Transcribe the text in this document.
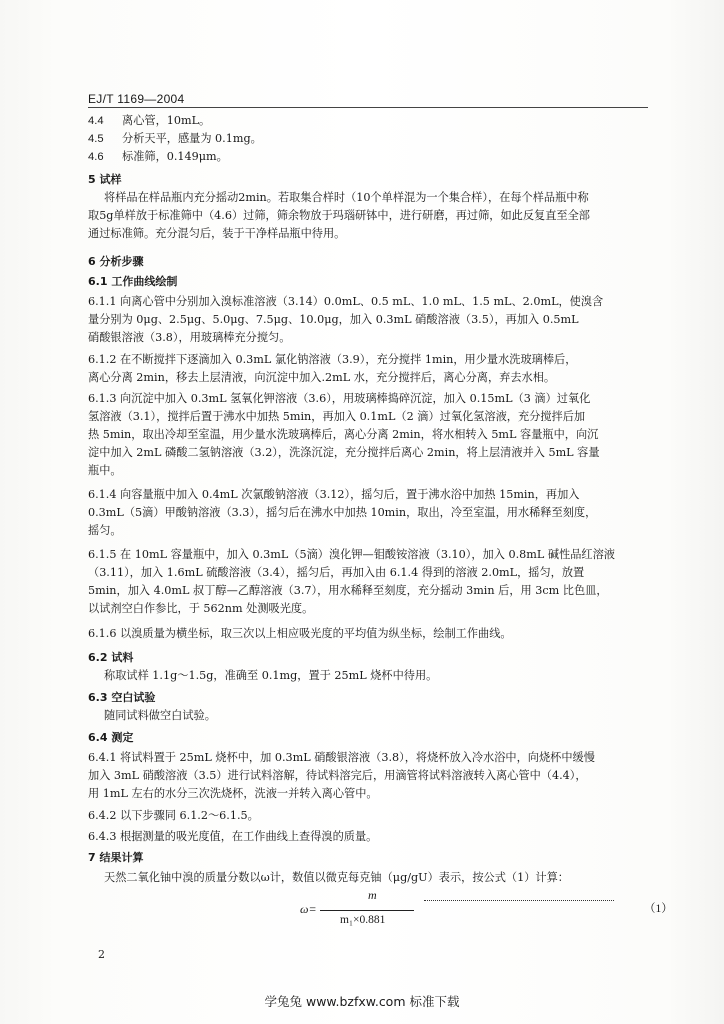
EJ/T 1169—2004
4.4 离心管，10mL。
4.5 分析天平，感量为 0.1mg。
4.6 标准筛，0.149μm。
5 试样
将样品在样品瓶内充分摇动2min。若取集合样时（10个单样混为一个集合样），在每个样品瓶中称
取5g单样放于标准筛中（4.6）过筛，筛余物放于玛瑙研钵中，进行研磨，再过筛，如此反复直至全部
通过标准筛。充分混匀后，装于干净样品瓶中待用。
6 分析步骤
6.1 工作曲线绘制
6.1.1 向离心管中分别加入溴标准溶液（3.14）0.0mL、0.5 mL、1.0 mL、1.5 mL、2.0mL，使溴含
量分别为 0μg、2.5μg、5.0μg、7.5μg、10.0μg，加入 0.3mL 硝酸溶液（3.5），再加入 0.5mL
硝酸银溶液（3.8），用玻璃棒充分搅匀。
6.1.2 在不断搅拌下逐滴加入 0.3mL 氯化钠溶液（3.9），充分搅拌 1min，用少量水洗玻璃棒后，
离心分离 2min，移去上层清液，向沉淀中加入.2mL 水，充分搅拌后，离心分离，弃去水相。
6.1.3 向沉淀中加入 0.3mL 氢氧化钾溶液（3.6），用玻璃棒捣碎沉淀，加入 0.15mL（3 滴）过氧化
氢溶液（3.1），搅拌后置于沸水中加热 5min，再加入 0.1mL（2 滴）过氧化氢溶液，充分搅拌后加
热 5min，取出冷却至室温，用少量水洗玻璃棒后，离心分离 2min，将水相转入 5mL 容量瓶中，向沉
淀中加入 2mL 磷酸二氢钠溶液（3.2），洗涤沉淀，充分搅拌后离心 2min，将上层清液并入 5mL 容量
瓶中。
6.1.4 向容量瓶中加入 0.4mL 次氯酸钠溶液（3.12），摇匀后，置于沸水浴中加热 15min，再加入
0.3mL（5滴）甲酸钠溶液（3.3），摇匀后在沸水中加热 10min，取出，冷至室温，用水稀释至刻度，
摇匀。
6.1.5 在 10mL 容量瓶中，加入 0.3mL（5滴）溴化钾—钼酸铵溶液（3.10），加入 0.8mL 碱性品红溶液
（3.11），加入 1.6mL 硫酸溶液（3.4），摇匀后，再加入由 6.1.4 得到的溶液 2.0mL，摇匀，放置
5min，加入 4.0mL 叔丁醇—乙醇溶液（3.7），用水稀释至刻度，充分摇动 3min 后，用 3cm 比色皿，
以试剂空白作参比，于 562nm 处测吸光度。
6.1.6 以溴质量为横坐标，取三次以上相应吸光度的平均值为纵坐标，绘制工作曲线。
6.2 试料
称取试样 1.1g～1.5g，准确至 0.1mg，置于 25mL 烧杯中待用。
6.3 空白试验
随同试料做空白试验。
6.4 测定
6.4.1 将试料置于 25mL 烧杯中，加 0.3mL 硝酸银溶液（3.8），将烧杯放入冷水浴中，向烧杯中缓慢
加入 3mL 硝酸溶液（3.5）进行试料溶解，待试料溶完后，用滴管将试料溶液转入离心管中（4.4），
用 1mL 左右的水分三次洗烧杯，洗液一并转入离心管中。
6.4.2 以下步骤同 6.1.2～6.1.5。
6.4.3 根据测量的吸光度值，在工作曲线上查得溴的质量。
7 结果计算
天然二氧化铀中溴的质量分数以ω计，数值以微克每克铀（μg/gU）表示，按公式（1）计算：
ω=
m
m₁×0.881
（1）
2
学兔兔 www.bzfxw.com 标准下载
